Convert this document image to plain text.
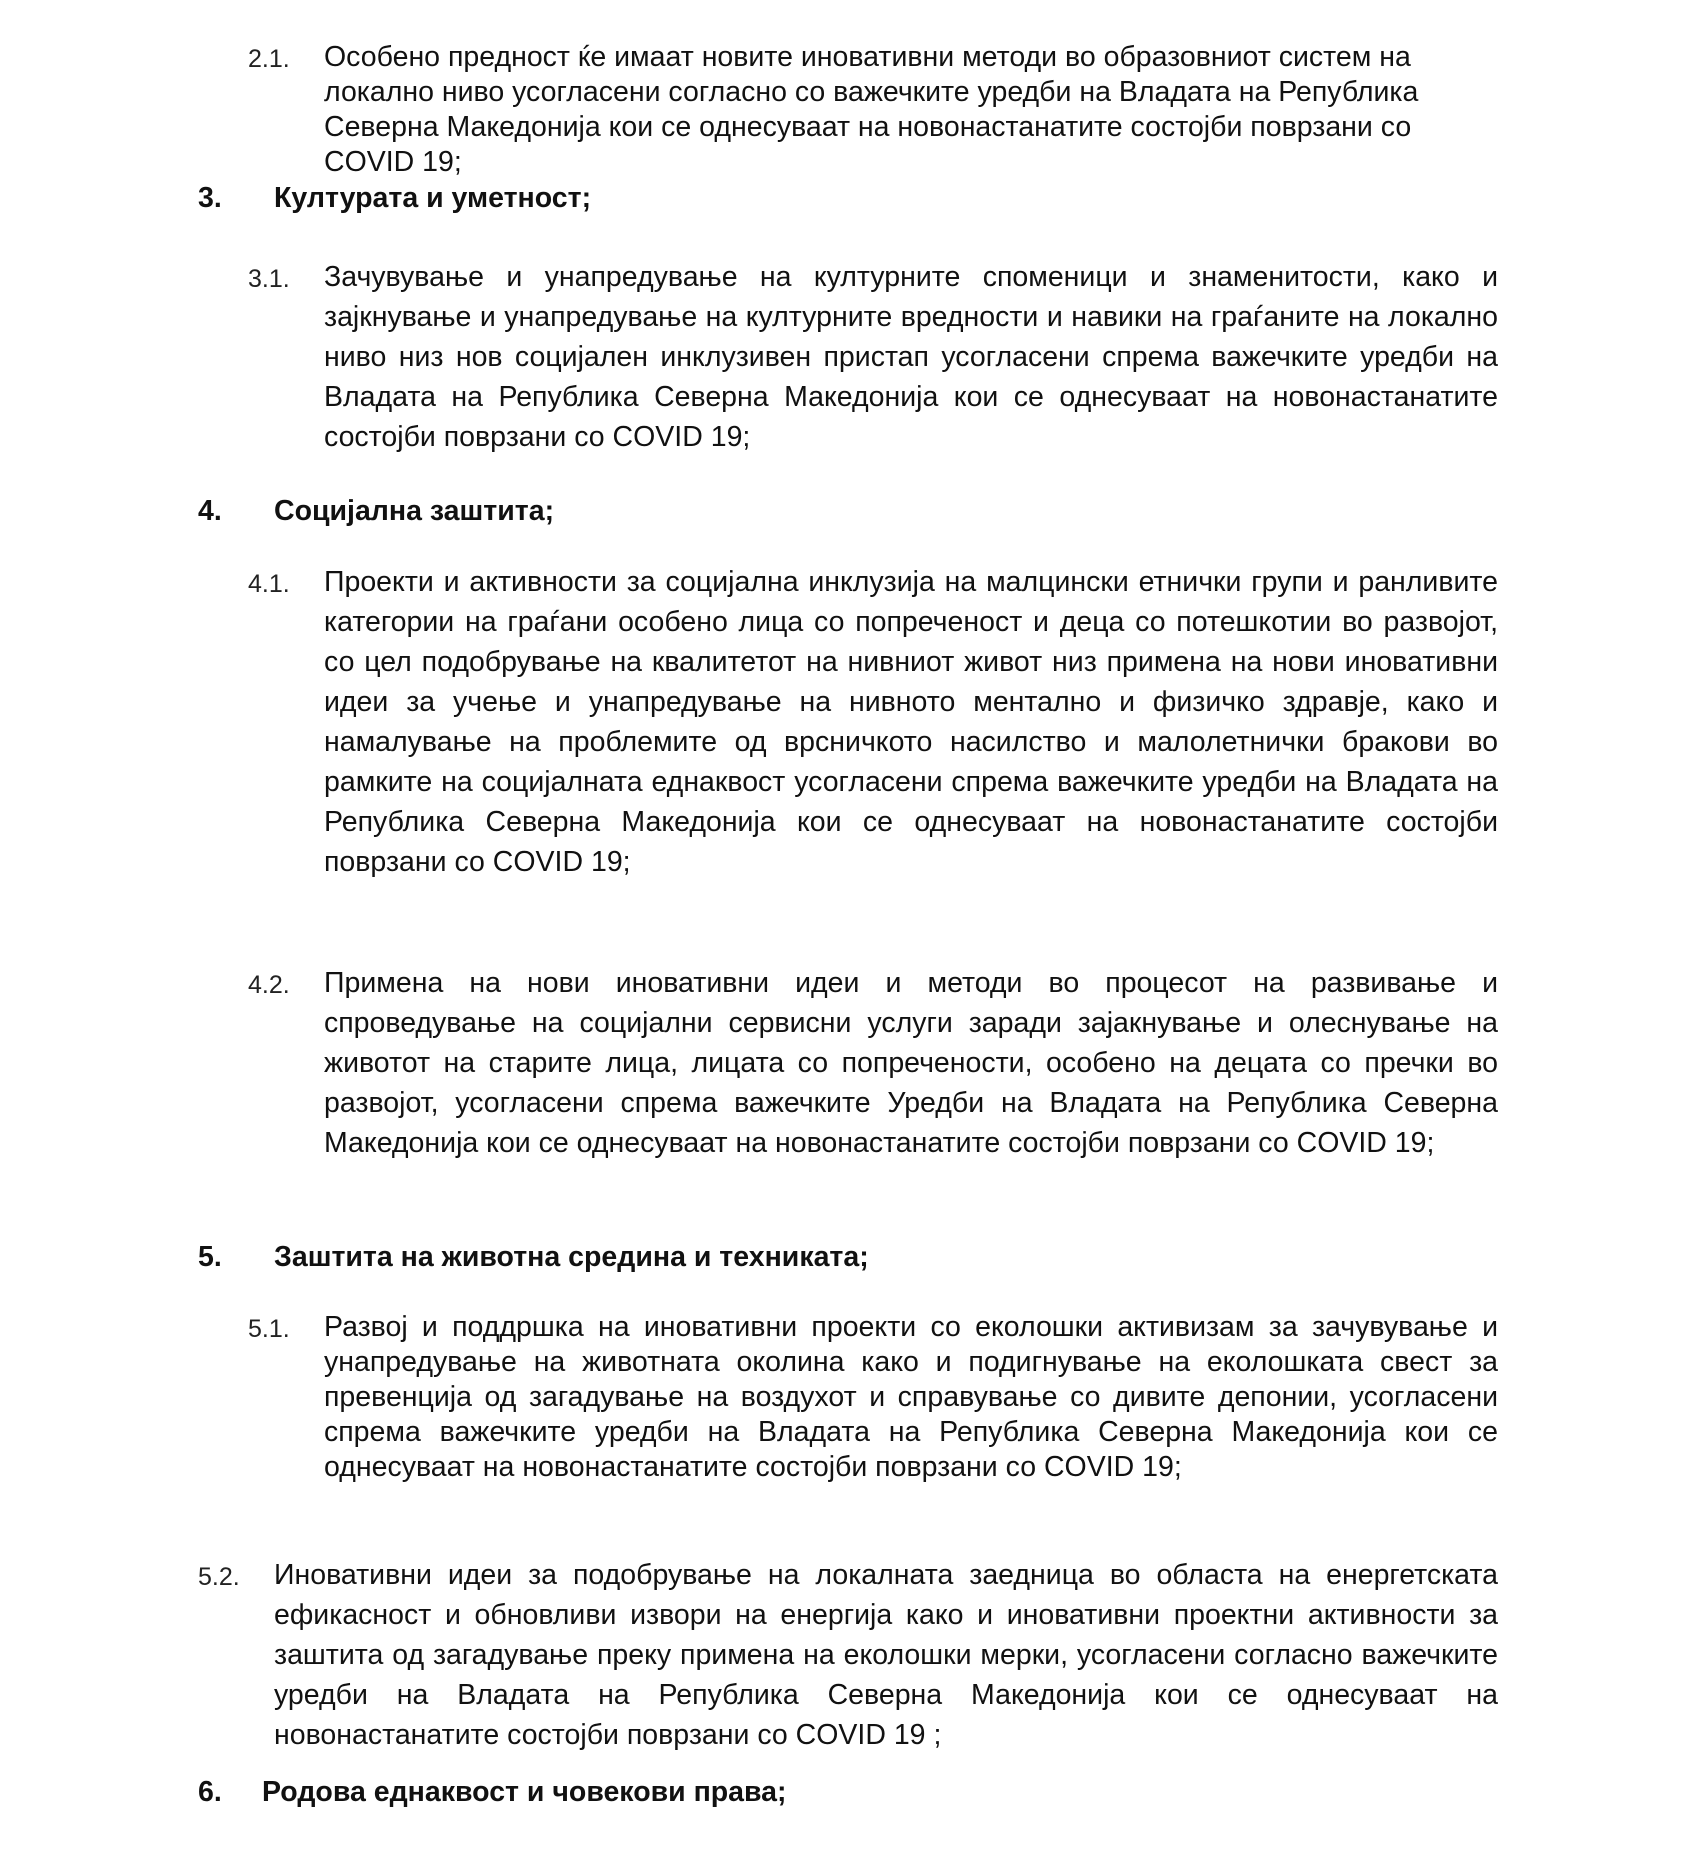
2.1.	Особено предност ќе имаат новите иновативни методи во образовниот систем на локално ниво усогласени согласно со важечките уредби на Владата на Република Северна Македонија кои се однесуваат на новонастанатите состојби поврзани со COVID 19;
3.	Културата и уметност;
3.1.	Зачувување и унапредување на културните споменици и знаменитости, како и зајкнување и унапредување на културните вредности и навики на граѓаните на локално ниво низ нов социјален инклузивен пристап усогласени спрема важечките уредби на Владата на Република Северна Македонија кои се однесуваат на новонастанатите состојби поврзани со COVID 19;
4.	Социјална заштита;
4.1.	Проекти и активности за социјална инклузија на малцински етнички групи и ранливите категории на граѓани особено лица со попреченост и деца со потешкотии во развојот, со цел подобрување на квалитетот на нивниот живот низ примена на нови иновативни идеи за учење и унапредување на нивното ментално и физичко здравје, како и намалување на проблемите од врсничкото насилство и малолетнички бракови во рамките на социјалната еднаквост усогласени спрема важечките уредби на Владата на Република Северна Македонија кои се однесуваат на новонастанатите состојби поврзани со COVID 19;
4.2.	Примена на нови иновативни идеи и методи во процесот на развивање и спроведување на социјални сервисни услуги заради зајакнување и олеснување на животот на старите лица, лицата со попречености, особено на децата со пречки во развојот, усогласени спрема важечките Уредби на Владата на Република Северна Македонија кои се однесуваат на новонастанатите состојби поврзани со COVID 19;
5.	Заштита на животна средина и техниката;
5.1.	Развој и поддршка на иновативни проекти со еколошки активизам за зачувување и унапредување на животната околина како и подигнување на еколошката свест за превенција од загадување на воздухот и справување со дивите депонии, усогласени спрема важечките уредби на Владата на Република Северна Македонија кои се однесуваат на новонастанатите состојби поврзани со COVID 19;
5.2.	Иновативни идеи за подобрување на локалната заедница во областа на енергетската ефикасност и обновливи извори на енергија како и иновативни проектни активности за заштита од загадување преку примена на еколошки мерки, усогласени согласно важечките уредби на Владата на Република Северна Македонија кои се однесуваат на новонастанатите состојби поврзани со COVID 19 ;
6.	Родова еднаквост и човекови права;
